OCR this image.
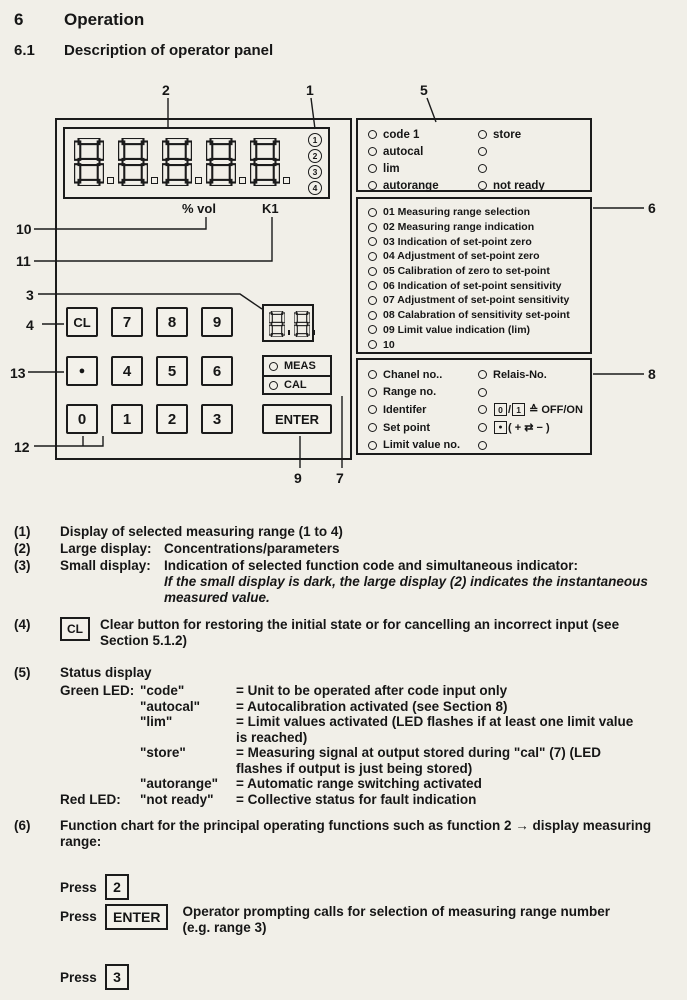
6	Operation
6.1	Description of operator panel
2	1	5
10
11
3
4
13
12
9 7
6
8
1
2
3
4
% vol	K1
CL	7	8	9
●	4	5	6	MEAS
CAL
0	1	2	3	ENTER
code 1	store
autocal
lim
autorange	not ready
01 Measuring range selection
02 Measuring range indication
03 Indication of set-point zero
04 Adjustment of set-point zero
05 Calibration of zero to set-point
06 Indication of set-point sensitivity
07 Adjustment of set-point sensitivity
08 Calabration of sensitivity set-point
09 Limit value indication (lim)
10
Chanel no..	Relais-No.
Range no.
Identifer	0 / 1 ≙ OFF/ON
Set point	● ( + ⇄ − )
Limit value no.
(1)	Display of selected measuring range (1 to 4)
(2)	Large display: Concentrations/parameters
(3)	Small display: Indication of selected function code and simultaneous indicator:
If the small display is dark, the large display (2) indicates the instantaneous measured value.
(4)	CL	Clear button for restoring the initial state or for cancelling an incorrect input (see Section 5.1.2)
(5)	Status display
Green LED: "code"	= Unit to be operated after code input only
"autocal"	= Autocalibration activated (see Section 8)
"lim"	= Limit values activated (LED flashes if at least one limit value is reached)
"store"	= Measuring signal at output stored during "cal" (7) (LED flashes if output is just being stored)
"autorange"	= Automatic range switching activated
Red LED:	"not ready"	= Collective status for fault indication
(6)	Function chart for the principal operating functions such as function 2 → display measuring range:
Press	2
Press	ENTER	Operator prompting calls for selection of measuring range number (e.g. range 3)
Press	3
